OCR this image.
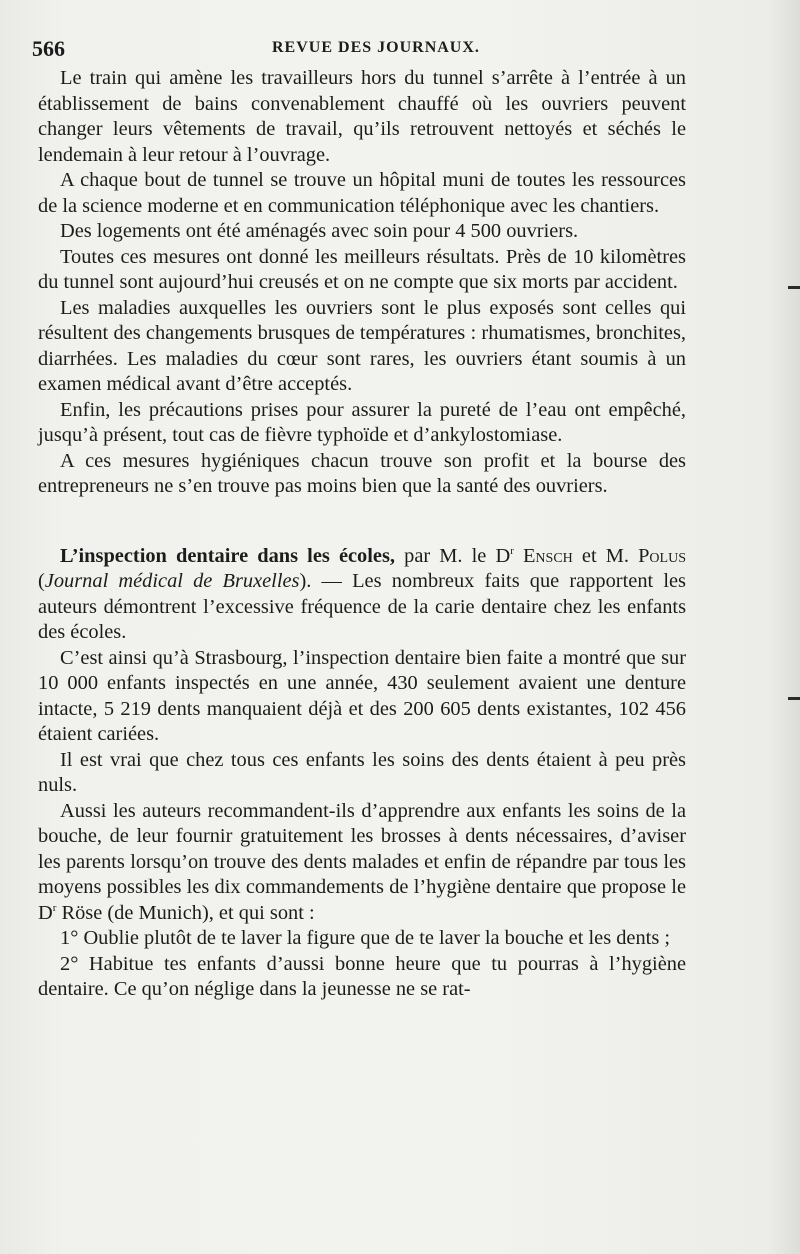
566	REVUE DES JOURNAUX.

Le train qui amène les travailleurs hors du tunnel s’arrête à l’entrée à un établissement de bains convenablement chauffé où les ouvriers peuvent changer leurs vêtements de travail, qu’ils retrouvent nettoyés et séchés le lendemain à leur retour à l’ouvrage.

A chaque bout de tunnel se trouve un hôpital muni de toutes les ressources de la science moderne et en communication téléphonique avec les chantiers.

Des logements ont été aménagés avec soin pour 4 500 ouvriers.

Toutes ces mesures ont donné les meilleurs résultats. Près de 10 kilomètres du tunnel sont aujourd’hui creusés et on ne compte que six morts par accident.

Les maladies auxquelles les ouvriers sont le plus exposés sont celles qui résultent des changements brusques de températures : rhumatismes, bronchites, diarrhées. Les maladies du cœur sont rares, les ouvriers étant soumis à un examen médical avant d’être acceptés.

Enfin, les précautions prises pour assurer la pureté de l’eau ont empêché, jusqu’à présent, tout cas de fièvre typhoïde et d’ankylostomiase.

A ces mesures hygiéniques chacun trouve son profit et la bourse des entrepreneurs ne s’en trouve pas moins bien que la santé des ouvriers.

L’inspection dentaire dans les écoles, par M. le $D^r$ Ensch et M. Polus (Journal médical de Bruxelles). — Les nombreux faits que rapportent les auteurs démontrent l’excessive fréquence de la carie dentaire chez les enfants des écoles.

C’est ainsi qu’à Strasbourg, l’inspection dentaire bien faite a montré que sur 10 000 enfants inspectés en une année, 430 seulement avaient une denture intacte, 5 219 dents manquaient déjà et des 200 605 dents existantes, 102 456 étaient cariées.

Il est vrai que chez tous ces enfants les soins des dents étaient à peu près nuls.

Aussi les auteurs recommandent-ils d’apprendre aux enfants les soins de la bouche, de leur fournir gratuitement les brosses à dents nécessaires, d’aviser les parents lorsqu’on trouve des dents malades et enfin de répandre par tous les moyens possibles les dix commandements de l’hygiène dentaire que propose le $D^r$ Röse (de Munich), et qui sont :

1° Oublie plutôt de te laver la figure que de te laver la bouche et les dents ;

2° Habitue tes enfants d’aussi bonne heure que tu pourras à l’hygiène dentaire. Ce qu’on néglige dans la jeunesse ne se rat-
